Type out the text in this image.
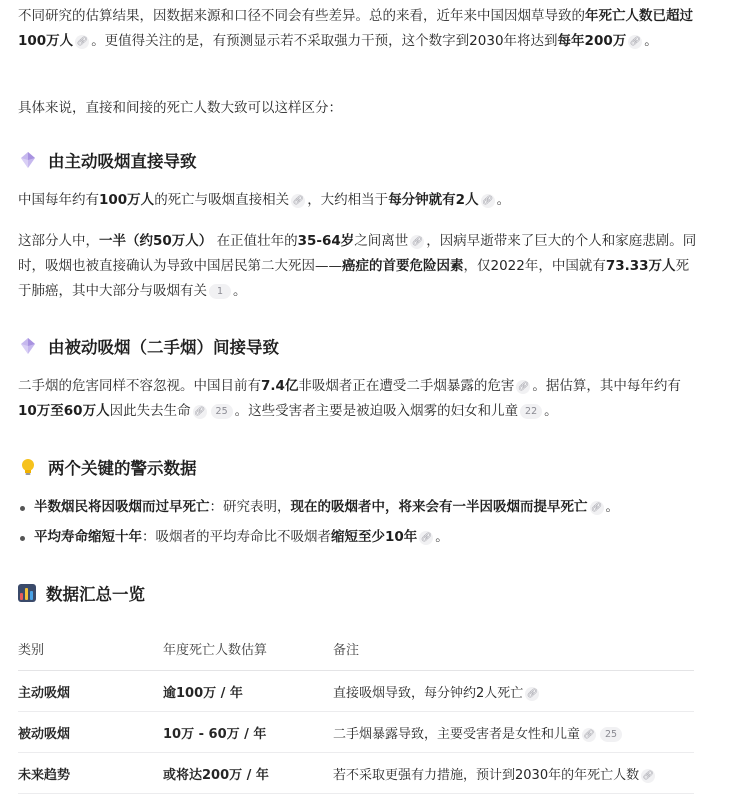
不同研究的估算结果，因数据来源和口径不同会有些差异。总的来看，近年来中国因烟草导致的年死亡人数已超过100万人 🔗︎ 。更值得关注的是，有预测显示若不采取强力干预，这个数字到2030年将达到每年200万 🔗︎ 。

具体来说，直接和间接的死亡人数大致可以这样区分：

由主动吸烟直接导致

中国每年约有100万人的死亡与吸烟直接相关 🔗︎ ，大约相当于每分钟就有2人 🔗︎ 。

这部分人中，一半（约50万人） 在正值壮年的35-64岁之间离世 🔗︎ ，因病早逝带来了巨大的个人和家庭悲剧。同时，吸烟也被直接确认为导致中国居民第二大死因——癌症的首要危险因素，仅2022年，中国就有73.33万人死于肺癌，其中大部分与吸烟有关 1 。

由被动吸烟（二手烟）间接导致

二手烟的危害同样不容忽视。中国目前有7.4亿非吸烟者正在遭受二手烟暴露的危害 🔗︎ 。据估算，其中每年约有10万至60万人因此失去生命 🔗︎ 25 。这些受害者主要是被迫吸入烟雾的妇女和儿童 22 。

两个关键的警示数据
半数烟民将因吸烟而过早死亡：研究表明，现在的吸烟者中，将来会有一半因吸烟而提早死亡 🔗︎ 。
平均寿命缩短十年：吸烟者的平均寿命比不吸烟者缩短至少10年 🔗︎ 。
数据汇总一览
类别	年度死亡人数估算	备注
主动吸烟	逾100万 / 年	直接吸烟导致，每分钟约2人死亡 🔗︎
被动吸烟	10万 - 60万 / 年	二手烟暴露导致，主要受害者是女性和儿童 🔗︎ 25
未来趋势	或将达200万 / 年	若不采取更强有力措施，预计到2030年的年死亡人数 🔗︎
